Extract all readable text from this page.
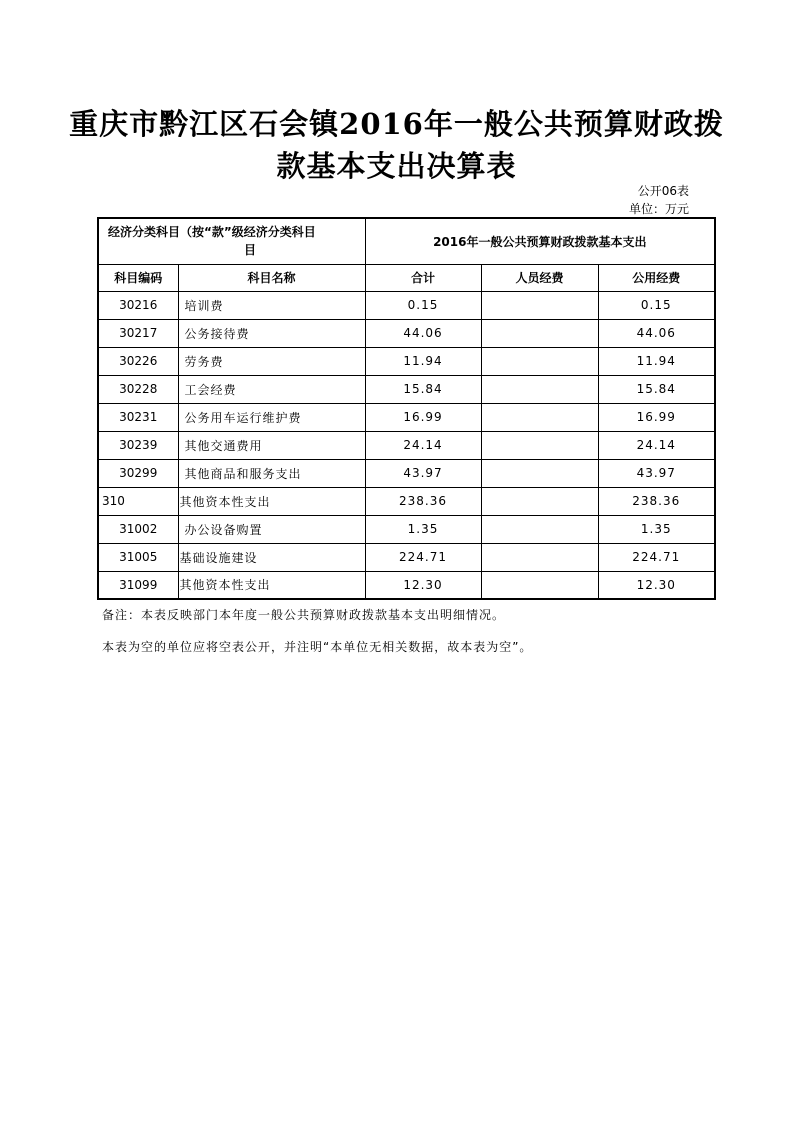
重庆市黔江区石会镇2016年一般公共预算财政拨
款基本支出决算表
公开06表
单位：万元
经济分类科目（按“款”级经济分类科目
目		2016年一般公共预算财政拨款基本支出		
科目编码	科目名称	合计	人员经费	公用经费
30216	培训费	0.15		0.15
30217	公务接待费	44.06		44.06
30226	劳务费	11.94		11.94
30228	工会经费	15.84		15.84
30231	公务用车运行维护费	16.99		16.99
30239	其他交通费用	24.14		24.14
30299	其他商品和服务支出	43.97		43.97
310	其他资本性支出	238.36		238.36
31002	办公设备购置	1.35		1.35
31005	基础设施建设	224.71		224.71
31099	其他资本性支出	12.30		12.30
备注：本表反映部门本年度一般公共预算财政拨款基本支出明细情况。
本表为空的单位应将空表公开，并注明“本单位无相关数据，故本表为空”。
